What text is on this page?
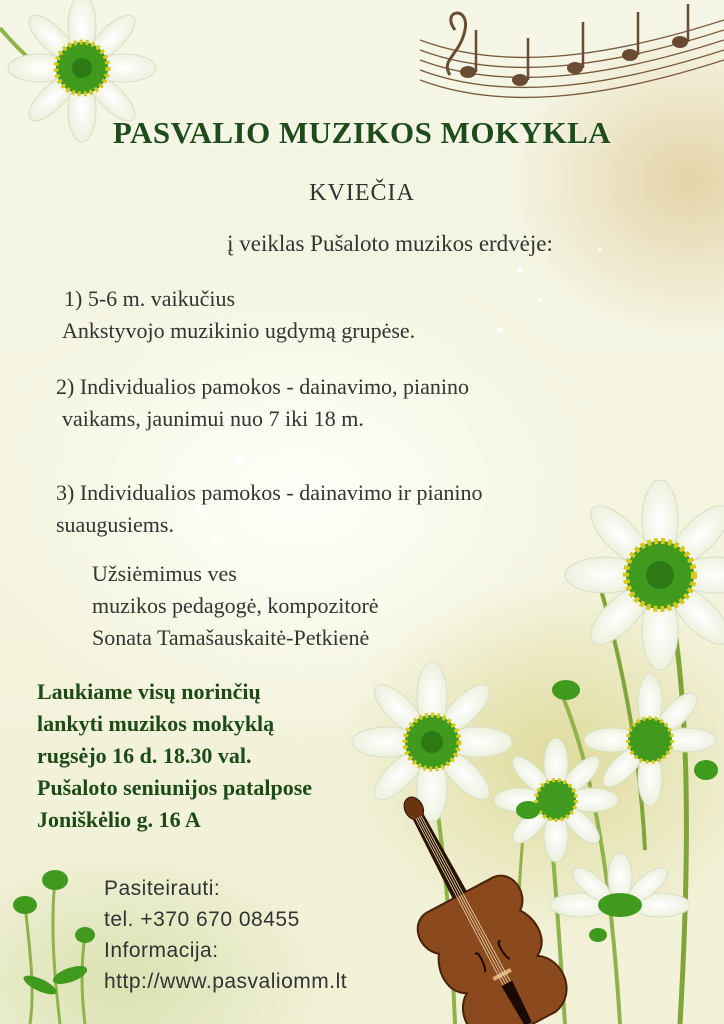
PASVALIO MUZIKOS MOKYKLA

KVIEČIA

į veiklas Pušaloto muzikos erdvėje:

1) 5-6 m. vaikučius
Ankstyvojo muzikinio ugdymą grupėse.
2) Individualios pamokos - dainavimo, pianino
vaikams, jaunimui nuo 7 iki 18 m.
3) Individualios pamokos - dainavimo ir pianino
suaugusiems.
Užsiėmimus ves
muzikos pedagogė, kompozitorė
Sonata Tamašauskaitė-Petkienė
Laukiame visų norinčių
lankyti muzikos mokyklą
rugsėjo 16 d. 18.30 val.
Pušaloto seniunijos patalpose
Joniškėlio g. 16 A
Pasiteirauti:
tel. +370 670 08455
Informacija:
http://www.pasvaliomm.lt
